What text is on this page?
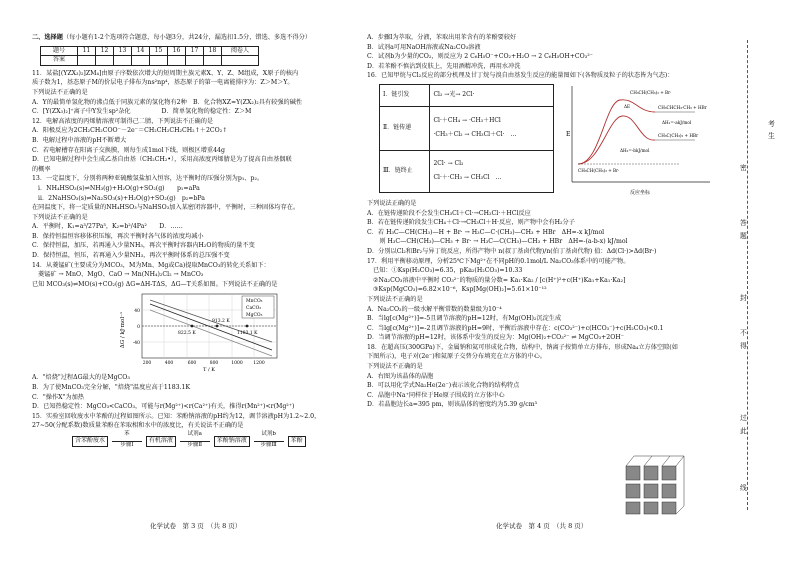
二、选择题（每小题有1-2个选项符合题意，每小题3分，共24分，漏选扣1.5分，错选、多选不得分）
题号	11	12	13	14	15	16	17	18	阅卷人
答案									
11．某盐[(YZX₃)₂]ZM₄]由原子序数依次增大的短周期主族元素X、Y、Z、M组成，X原子的核内
质子数为1，基态原子M的价层电子排布为ns²np⁴，基态原子的第一电离能排序为：Z＞M＞Y。
下列说法不正确的是
A．Y的最简单氢化物的沸点低于同族元素的氢化物有2种　B．化合物XZ=Y(ZX₂)₂具有较强的碱性
C．[Y(ZX₃)₂]⁺离子中Y发生sp²杂化　　　　　D．简单氢化物的稳定性：Z＞M
12．电解高浓度的丙烯腈溶液可制得己二腈，下列说法不正确的是
A．阳极反应为2CH₂CH₂COO⁻－2e⁻＝CH₂CH₂CH₂CH₂↑＋2CO₂↑
B．电解过程中溶液的pH不断增大
C．若电解槽存在阳离子交换膜，则每生成1mol下线，则极区增重44g
D．已知电解过程中会生成乙基自由基（CH₂CH₂•），采用高浓度丙烯腈是为了提高自由基偶联
的概率
13．一定温度下，分别将两种亚硫酸氢盐加入恒容，达平衡时的压强分别为p₁、p₂。
i．NH₄HSO₃(s)⇌NH₃(g)+H₂O(g)+SO₂(g)　　p₁=aPa
ii．2NaHSO₃(s)⇌Na₂SO₃(s)+H₂O(g)+SO₂(g)　p₂=bPa
在同温度下，将一定质量的NH₄HSO₃与NaHSO₃加入某密闭容器中，平衡时，三种固体均存在。
下列说法不正确的是
A．平衡时，K₁=a³/27Pa³，K₂=b²/4Pa²　　D．……
B．保持恒温恒容移体积压缩，再次平衡时各气体的浓度均减小
C．保持恒温，加压，若再通入少量NH₃，再次平衡时容器内H₂O的物质的量不变
D．保持恒温，恒压，若再通入少量NH₃，再次平衡时体系的总压强不变
14．从菱锰矿(主要成分为MCO₃，M为Mn、Mg或Ca)提取MnCO₃的转化关系如下：
菱锰矿 → MnO、MgO、CaO → Mn(NH₄)₂Cl₂ → MnCO₃
已知 MCO₃(s)⇌MO(s)+CO₂(g) ΔG=ΔH-TΔS，ΔG—T关系如图。下列说法不正确的是
ΔG / kJ·mol⁻¹	822.5 K
913.2 K
1183.1 K
MnCO₃
CaCO₃
MgCO₃
40
0
-40
200	400	600	800	1000 1200
T / K
A．"焙烧"过程ΔG最大的是MgCO₃
B．为了使MnCO₃完全分解，"焙烧"温度应高于1183.1K
C．"操作X"为加热
D．已知热稳定性：MgCO₃<CaCO₃，可能与r(Mg²⁺)<r(Ca²⁺)有关，推得r(Mn²⁺)<r(Mg²⁺)
15．实验室回收废水中苯酚的过程如图所示。已知：苯酚钠溶液的pH约为12，调节溶液pH为1.2~2.0，
27~50(分配系数)数质量苯酚在苯取相和水中的浓度比，有关说法不正确的是
含苯酚废水
苯
步骤Ⅰ
有机溶液
试剂a
步骤Ⅱ
苯酚钠溶液
试剂b
步骤Ⅲ
苯酚
化学试卷　第 3 页　（共 8 页）
A．步骤Ⅰ为萃取，分液，苯取出用苯含有的苯酚要较好
B．试剂a可用NaOH溶液或Na₂CO₃溶液
C．试剂b为少量的CO₂，则反应为 2 C₆H₅O⁻+CO₂+H₂O → 2 C₆H₅OH+CO₃²⁻
D．若苯酚不慎沾到皮肤上，先用酒精冲洗，再用水冲洗
16．已知甲烷与Cl₂反应的部分机理及甘丁烷与溴自由基发生反应的能量图如下(各物质及粒子的状态皆为气态)：
Ⅰ．链引发	Cl₂ →光→ 2Cl·
Ⅱ．链传递	Cl·＋CH₄ → ·CH₃＋HCl
·CH₃＋Cl₂ → CH₃Cl＋Cl·　…

Ⅲ．链终止	2Cl· → Cl₂
Cl·＋·CH₃ → CH₃Cl　…
E
反应坐标
CH₃CH(CH₃)₂ + Br·
CH₃CHCH₃·CH₃ + HBr
CH₃C(CH₃)₂ + HBr
CH₃CH(CH₃)₂ + Br·
ΔH₁=-akJ/mol
ΔH₂=-bkJ/mol
ΔE
下列说法正确的是
A．在链传递阶段不会发生CH₃Cl＋Cl·→CH₂Cl·＋HCl反应
B．若在链传递阶段发生CH₄＋Cl·→CH₃Cl＋H·反应，则产物中会有H₂分子
C．若 H₃C—CH(CH₃)—H + Br· → H₃C—C·(CH₃)—CH₃ + HBr　ΔH=-x kJ/mol
　　则 H₃C—CH(CH₃)—CH₃ + Br· → H₃C—C(CH₃)—CH₃ + HBr　ΔH=-(a-b-x) kJ/mol
D．分别以Cl₂和Br₂与异丁烷反应，所得产物中 n(叔丁基卤代物)/n(伯丁基卤代物) 值：Δd(Cl·)>Δd(Br·)
17．利用平衡移动原理，分析25℃下Mg²⁺在不同pH的0.1mol/L Na₂CO₃体系中的可能产物。
已知：①Ksp(H₂CO₃)=6.35，pKa₂(H₂CO₃)=10.33
②Na₂CO₃溶液中平衡时 CO₃²⁻的物质的量分数= Ka₁·Ka₂ / [c(H⁺)²+c(H⁺)Ka₁+Ka₁·Ka₂]
③Ksp(MgCO₃)=6.82×10⁻⁶，Ksp[Mg(OH)₂]=5.61×10⁻¹²
下列说法不正确的是
A．Na₂CO₃的一级水解平衡常数的数量级为10⁻⁴
B．当lg[c(Mg²⁺)]=-5且调节溶液的pH=12时，有Mg(OH)₂沉淀生成
C．当lg[c(Mg²⁺)]=-2且调节溶液的pH=9时，平衡后溶液中存在：c(CO₃²⁻)+c(HCO₃⁻)+c(H₂CO₃)<0.1
D．当调节溶液的pH=12时，该体系中发生的反应为：Mg(OH)₂+CO₃²⁻ ⇌ MgCO₃+2OH⁻
18．在超高压(300GPa)下，金属钠和氦可形成化合物，结构中，钠离子按简单立方排布，形成Na₄立方体空隙(如
下图所示)，电子对(2e⁻)和氦原子交替分布填充在立方体的中心。
下列说法不正确的是
A．右图为该晶体的晶胞
B．可以用化学式Na₂He(2e⁻)表示该化合物的结构特点
C．晶胞中Na⁺同样位于He原子围成的立方体中心
D．若晶胞边长a=395 pm，则该晶体的密度约为5.39 g/cm³
化学试卷　第 4 页　（共 8 页）
考
生
密
答
题
封
不
得
过
此
线
